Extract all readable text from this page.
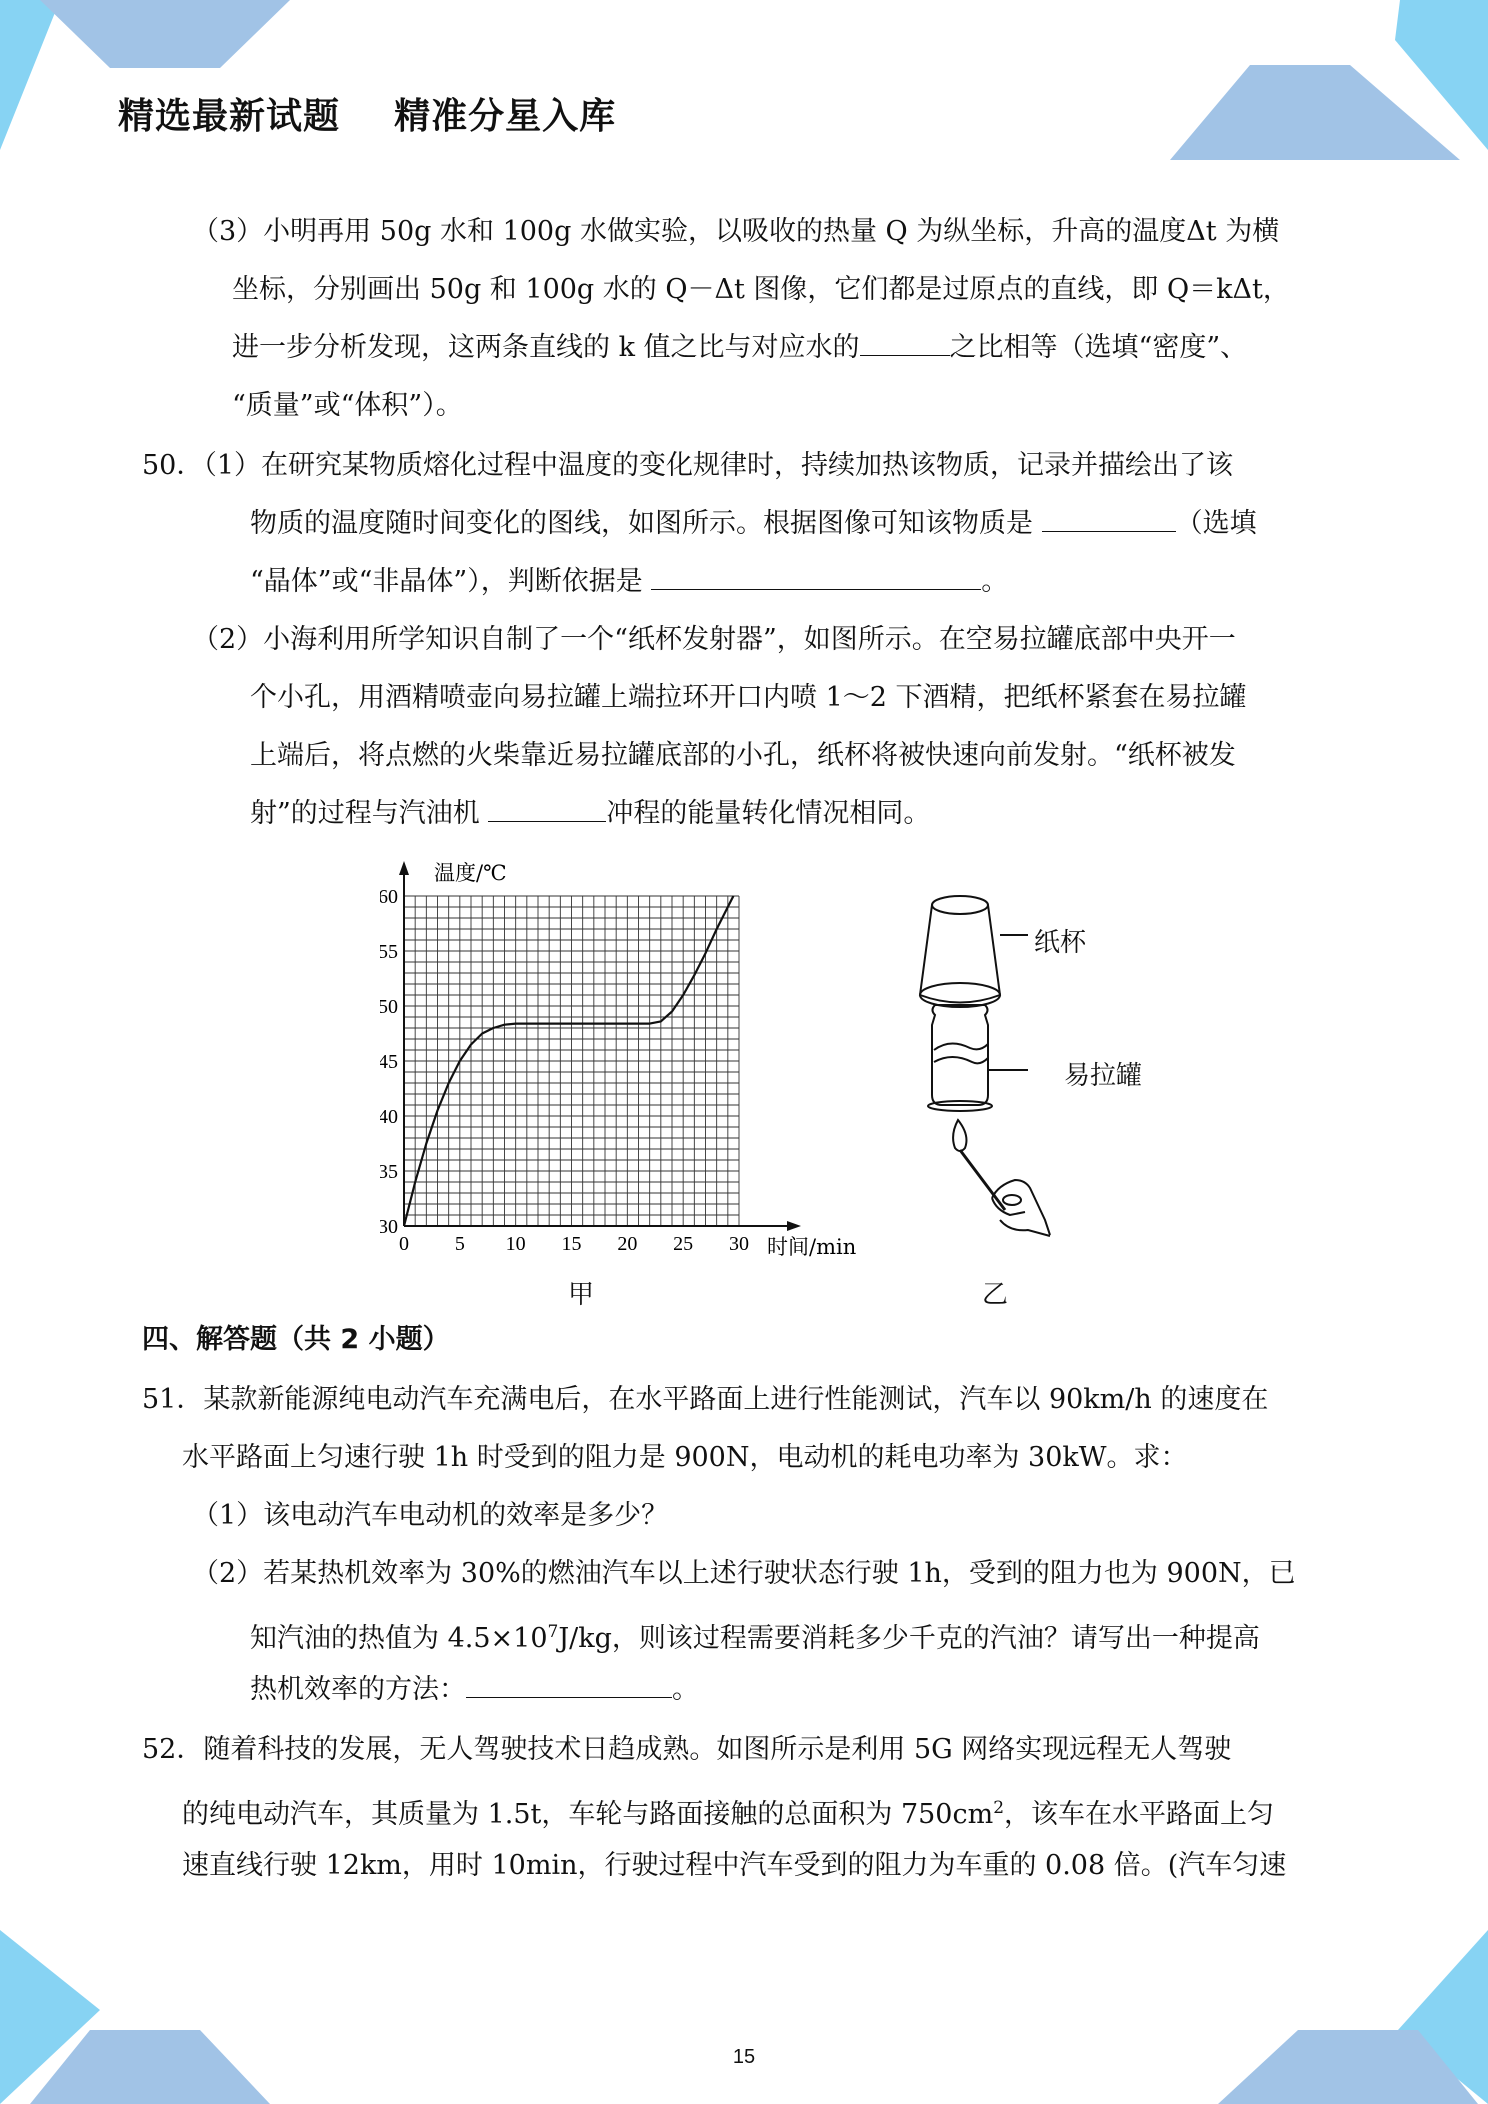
精选最新试题    精准分星入库
（3）小明再用 50g 水和 100g 水做实验，以吸收的热量 Q 为纵坐标，升高的温度Δt 为横
坐标，分别画出 50g 和 100g 水的 Q－Δt 图像，它们都是过原点的直线，即 Q＝kΔt，
进一步分析发现，这两条直线的 k 值之比与对应水的	之比相等（选填“密度”、
“质量”或“体积”）。
50．（1）在研究某物质熔化过程中温度的变化规律时，持续加热该物质，记录并描绘出了该
物质的温度随时间变化的图线，如图所示。根据图像可知该物质是	（选填
“晶体”或“非晶体”），判断依据是	。
（2）小海利用所学知识自制了一个“纸杯发射器”，如图所示。在空易拉罐底部中央开一
个小孔，用酒精喷壶向易拉罐上端拉环开口内喷 1～2 下酒精，把纸杯紧套在易拉罐
上端后，将点燃的火柴靠近易拉罐底部的小孔，纸杯将被快速向前发射。“纸杯被发
射”的过程与汽油机	冲程的能量转化情况相同。
0 5 10 15 20 25 30
30
35
40
45
50
55
60
温度/℃
时间/min
甲
纸杯
易拉罐
乙
四、解答题（共 2 小题）
51．某款新能源纯电动汽车充满电后，在水平路面上进行性能测试，汽车以 90km/h 的速度在
水平路面上匀速行驶 1h 时受到的阻力是 900N，电动机的耗电功率为 30kW。求：
（1）该电动汽车电动机的效率是多少？
（2）若某热机效率为 30%的燃油汽车以上述行驶状态行驶 1h，受到的阻力也为 900N，已
知汽油的热值为 $4.5\times 10^7J/kg$，则该过程需要消耗多少千克的汽油？请写出一种提高
热机效率的方法：	。
52．随着科技的发展，无人驾驶技术日趋成熟。如图所示是利用 5G 网络实现远程无人驾驶
的纯电动汽车，其质量为 1.5t，车轮与路面接触的总面积为 $750cm^2$，该车在水平路面上匀
速直线行驶 12km，用时 10min，行驶过程中汽车受到的阻力为车重的 0.08 倍。(汽车匀速
15
